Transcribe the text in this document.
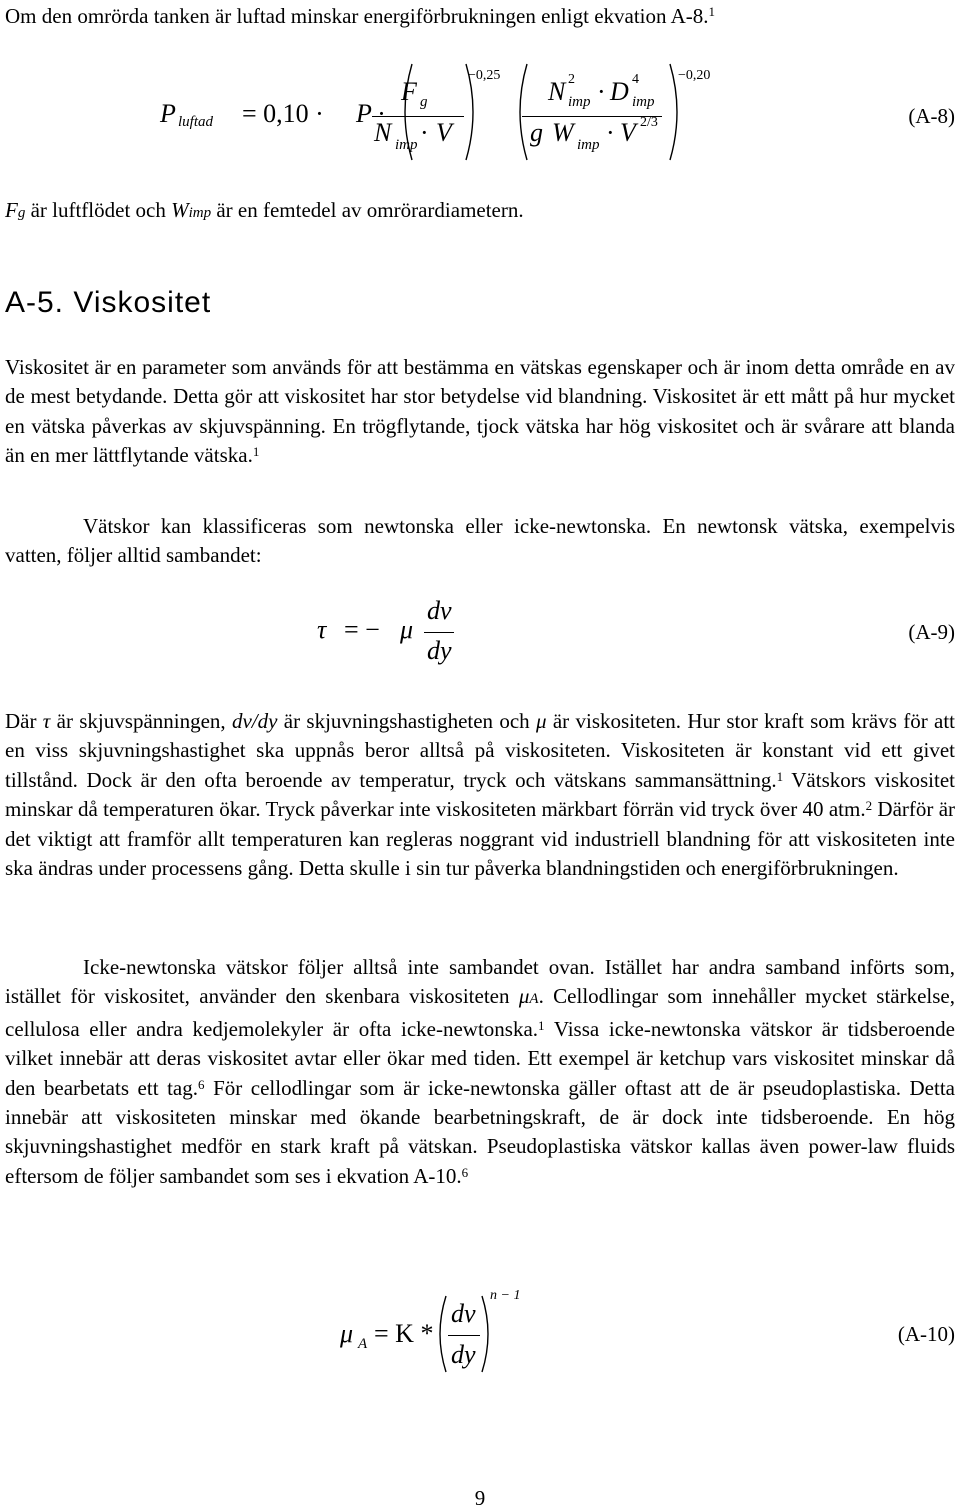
Om den omrörda tanken är luftad minskar energiförbrukningen enligt ekvation A-8.$^1$
P luftad = 0,10 · P ·
F g
N imp · V
−0,25
N 2
imp · D 4
imp
g W imp · V 2/3
−0,20
(A-8)
Fg är luftflödet och Wimp är en femtedel av omrörardiametern.
A-5. Viskositet
Viskositet är en parameter som används för att bestämma en vätskas egenskaper och är inom detta område en av de mest betydande. Detta gör att viskositet har stor betydelse vid blandning. Viskositet är ett mått på hur mycket en vätska påverkas av skjuvspänning. En trögflytande, tjock vätska har hög viskositet och är svårare att blanda än en mer lättflytande vätska.$^1$
Vätskor kan klassificeras som newtonska eller icke-newtonska. En newtonsk vätska, exempelvis vatten, följer alltid sambandet:
τ = − μ
dv
dy
(A-9)
Där τ är skjuvspänningen, dv/dy är skjuvningshastigheten och μ är viskositeten. Hur stor kraft som krävs för att en viss skjuvningshastighet ska uppnås beror alltså på viskositeten. Viskositeten är konstant vid ett givet tillstånd. Dock är den ofta beroende av temperatur, tryck och vätskans sammansättning.$^1$ Vätskors viskositet minskar då temperaturen ökar. Tryck påverkar inte viskositeten märkbart förrän vid tryck över 40 atm.$^2$ Därför är det viktigt att framför allt temperaturen kan regleras noggrant vid industriell blandning för att viskositeten inte ska ändras under processens gång. Detta skulle i sin tur påverka blandningstiden och energiförbrukningen.
Icke-newtonska vätskor följer alltså inte sambandet ovan. Istället har andra samband införts som, istället för viskositet, använder den skenbara viskositeten μA. Cellodlingar som innehåller mycket stärkelse, cellulosa eller andra kedjemolekyler är ofta icke-newtonska.$^1$ Vissa icke-newtonska vätskor är tidsberoende vilket innebär att deras viskositet avtar eller ökar med tiden. Ett exempel är ketchup vars viskositet minskar då den bearbetats ett tag.$^6$ För cellodlingar som är icke-newtonska gäller oftast att de är pseudoplastiska. Detta innebär att viskositeten minskar med ökande bearbetningskraft, de är dock inte tidsberoende. En hög skjuvningshastighet medför en stark kraft på vätskan. Pseudoplastiska vätskor kallas även power-law fluids eftersom de följer sambandet som ses i ekvation A-10.$^6$
μ A = K *
dv
dy
n − 1
(A-10)
9
